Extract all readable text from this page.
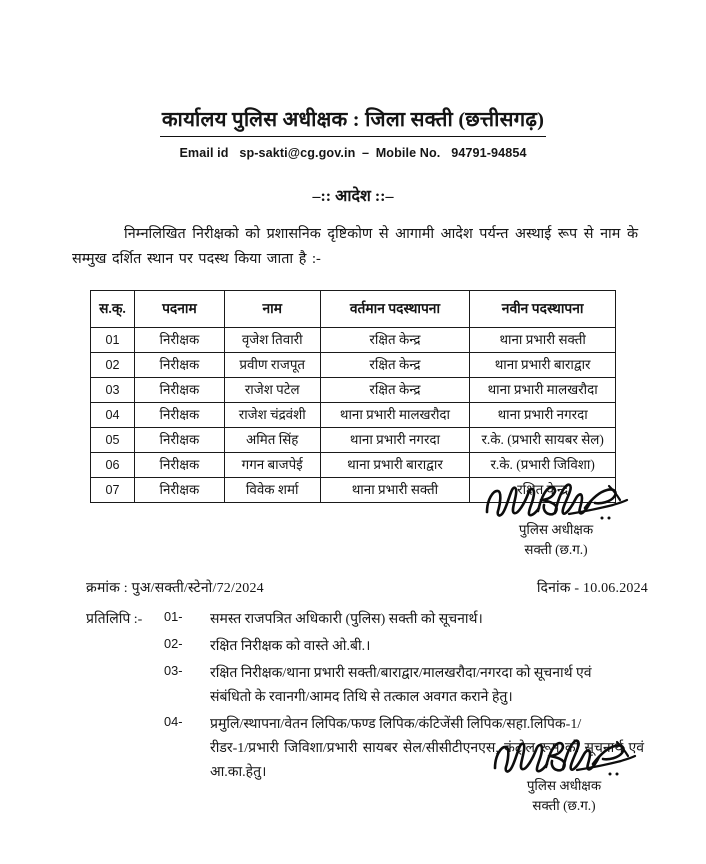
कार्यालय पुलिस अधीक्षक : जिला सक्ती (छत्तीसगढ़)
Email id sp-sakti@cg.gov.in – Mobile No. 94791-94854
–:: आदेश ::–

निम्नलिखित निरीक्षको को प्रशासनिक दृष्टिकोण से आगामी आदेश पर्यन्त अस्थाई रूप से नाम के सम्मुख दर्शित स्थान पर पदस्थ किया जाता है :-

स.क्.	पदनाम	नाम	वर्तमान पदस्थापना	नवीन पदस्थापना
01	निरीक्षक	वृजेश तिवारी	रक्षित केन्द्र	थाना प्रभारी सक्ती
02	निरीक्षक	प्रवीण राजपूत	रक्षित केन्द्र	थाना प्रभारी बाराद्वार
03	निरीक्षक	राजेश पटेल	रक्षित केन्द्र	थाना प्रभारी मालखरौदा
04	निरीक्षक	राजेश चंद्रवंशी	थाना प्रभारी मालखरौदा	थाना प्रभारी नगरदा
05	निरीक्षक	अमित सिंह	थाना प्रभारी नगरदा	र.के. (प्रभारी सायबर सेल)
06	निरीक्षक	गगन बाजपेई	थाना प्रभारी बाराद्वार	र.के. (प्रभारी जिविशा)
07	निरीक्षक	विवेक शर्मा	थाना प्रभारी सक्ती	रक्षित केन्द्र
पुलिस अधीक्षक
सक्ती (छ.ग.)
क्रमांक : पुअ/सक्ती/स्टेनो/72/2024	दिनांक - 10.06.2024
प्रतिलिपि :-	01-	समस्त राजपत्रित अधिकारी (पुलिस) सक्ती को सूचनार्थ।
02-	रक्षित निरीक्षक को वास्ते ओ.बी.।
03-	रक्षित निरीक्षक/थाना प्रभारी सक्ती/बाराद्वार/मालखरौदा/नगरदा को सूचनार्थ एवं
संबंधितो के रवानगी/आमद तिथि से तत्काल अवगत कराने हेतु।
04-	प्रमुलि/स्थापना/वेतन लिपिक/फण्ड लिपिक/कंटिजेंसी लिपिक/सहा.लिपिक-1/
रीडर-1/प्रभारी जिविशा/प्रभारी सायबर सेल/सीसीटीएनएस, कंट्रोल रूम को सूचनार्थ एवं आ.का.हेतु।
पुलिस अधीक्षक
सक्ती (छ.ग.)
